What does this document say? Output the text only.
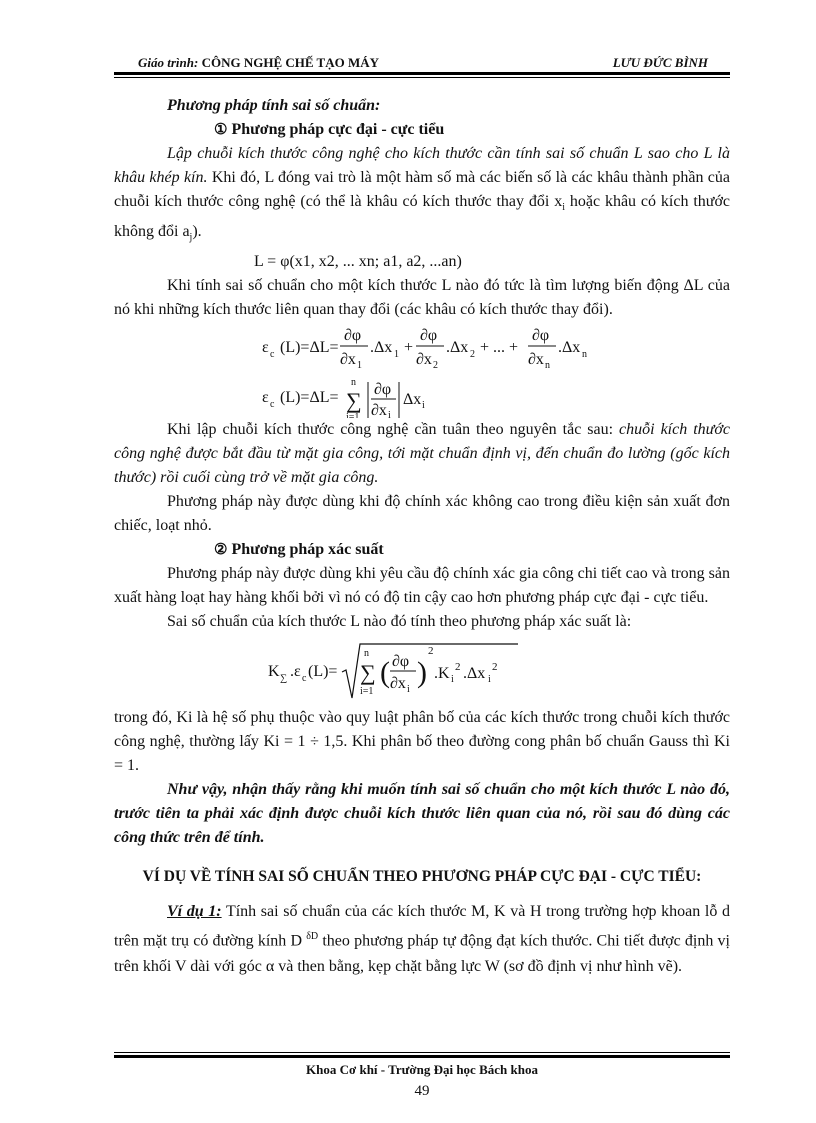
Giáo trình: CÔNG NGHỆ CHẾ TẠO MÁY	LƯU ĐỨC BÌNH

Phương pháp tính sai số chuẩn:

① Phương pháp cực đại - cực tiểu

Lập chuỗi kích thước công nghệ cho kích thước cần tính sai số chuẩn L sao cho L là khâu khép kín. Khi đó, L đóng vai trò là một hàm số mà các biến số là các khâu thành phần của chuỗi kích thước công nghệ (có thể là khâu có kích thước thay đổi $x_i$ hoặc khâu có kích thước không đổi $a_j$).

L = φ(x1, x2, ... xn; a1, a2, ...an)

Khi tính sai số chuẩn cho một kích thước L nào đó tức là tìm lượng biến động ΔL của nó khi những kích thước liên quan thay đổi (các khâu có kích thước thay đổi).

ε c (L)=ΔL=
∂φ
∂x 1
.Δx 1 +
∂φ
∂x 2
.Δx 2 + ... +
∂φ
∂x n
.Δx n
ε c (L)=ΔL=
n
∑
i=1
∂φ
∂x i
Δx i

Khi lập chuỗi kích thước công nghệ cần tuân theo nguyên tắc sau: chuỗi kích thước công nghệ được bắt đầu từ mặt gia công, tới mặt chuẩn định vị, đến chuẩn đo lường (gốc kích thước) rồi cuối cùng trở về mặt gia công.

Phương pháp này được dùng khi độ chính xác không cao trong điều kiện sản xuất đơn chiếc, loạt nhỏ.

② Phương pháp xác suất

Phương pháp này được dùng khi yêu cầu độ chính xác gia công chi tiết cao và trong sản xuất hàng loạt hay hàng khối bởi vì nó có độ tin cậy cao hơn phương pháp cực đại - cực tiểu.

Sai số chuẩn của kích thước L nào đó tính theo phương pháp xác suất là:

K ∑ .ε c (L)=
n
∑
i=1
( ∂φ
∂x i
)
2
.K i
2 .Δx i
2

trong đó, Ki là hệ số phụ thuộc vào quy luật phân bố của các kích thước trong chuỗi kích thước công nghệ, thường lấy Ki = 1 ÷ 1,5. Khi phân bố theo đường cong phân bố chuẩn Gauss thì Ki = 1.

Như vậy, nhận thấy rằng khi muốn tính sai số chuẩn cho một kích thước L nào đó, trước tiên ta phải xác định được chuỗi kích thước liên quan của nó, rồi sau đó dùng các công thức trên để tính.

VÍ DỤ VỀ TÍNH SAI SỐ CHUẨN THEO PHƯƠNG PHÁP CỰC ĐẠI - CỰC TIỂU:

Ví dụ 1: Tính sai số chuẩn của các kích thước M, K và H trong trường hợp khoan lỗ d trên mặt trụ có đường kính D $^{\delta D}$ theo phương pháp tự động đạt kích thước. Chi tiết được định vị trên khối V dài với góc α và then bằng, kẹp chặt bằng lực W (sơ đồ định vị như hình vẽ).

Khoa Cơ khí - Trường Đại học Bách khoa
49
